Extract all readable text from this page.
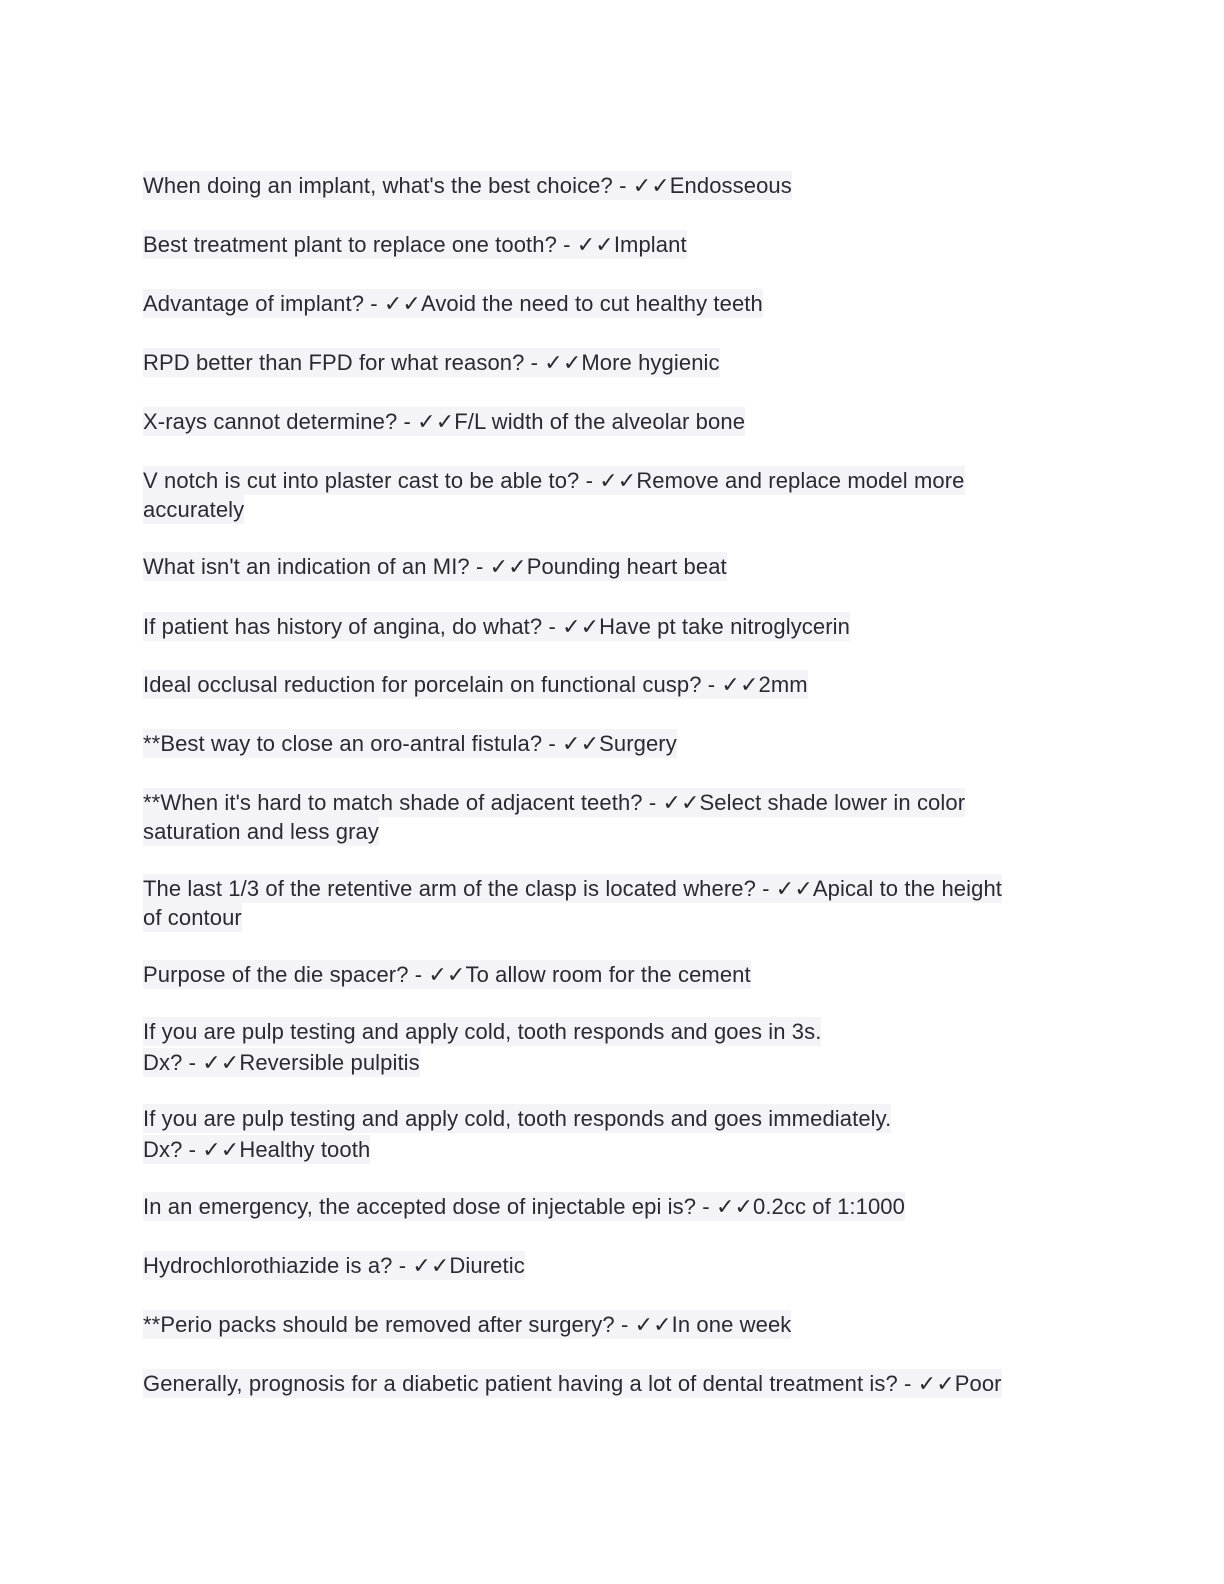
When doing an implant, what's the best choice? - ✓✓Endosseous
Best treatment plant to replace one tooth? - ✓✓Implant
Advantage of implant? - ✓✓Avoid the need to cut healthy teeth
RPD better than FPD for what reason? - ✓✓More hygienic
X-rays cannot determine? - ✓✓F/L width of the alveolar bone
V notch is cut into plaster cast to be able to? - ✓✓Remove and replace model more
accurately
What isn't an indication of an MI? - ✓✓Pounding heart beat
If patient has history of angina, do what? - ✓✓Have pt take nitroglycerin
Ideal occlusal reduction for porcelain on functional cusp? - ✓✓2mm
**Best way to close an oro-antral fistula? - ✓✓Surgery
**When it's hard to match shade of adjacent teeth? - ✓✓Select shade lower in color
saturation and less gray
The last 1/3 of the retentive arm of the clasp is located where? - ✓✓Apical to the height
of contour
Purpose of the die spacer? - ✓✓To allow room for the cement
If you are pulp testing and apply cold, tooth responds and goes in 3s.
Dx? - ✓✓Reversible pulpitis
If you are pulp testing and apply cold, tooth responds and goes immediately.
Dx? - ✓✓Healthy tooth
In an emergency, the accepted dose of injectable epi is? - ✓✓0.2cc of 1:1000
Hydrochlorothiazide is a? - ✓✓Diuretic
**Perio packs should be removed after surgery? - ✓✓In one week
Generally, prognosis for a diabetic patient having a lot of dental treatment is? - ✓✓Poor
